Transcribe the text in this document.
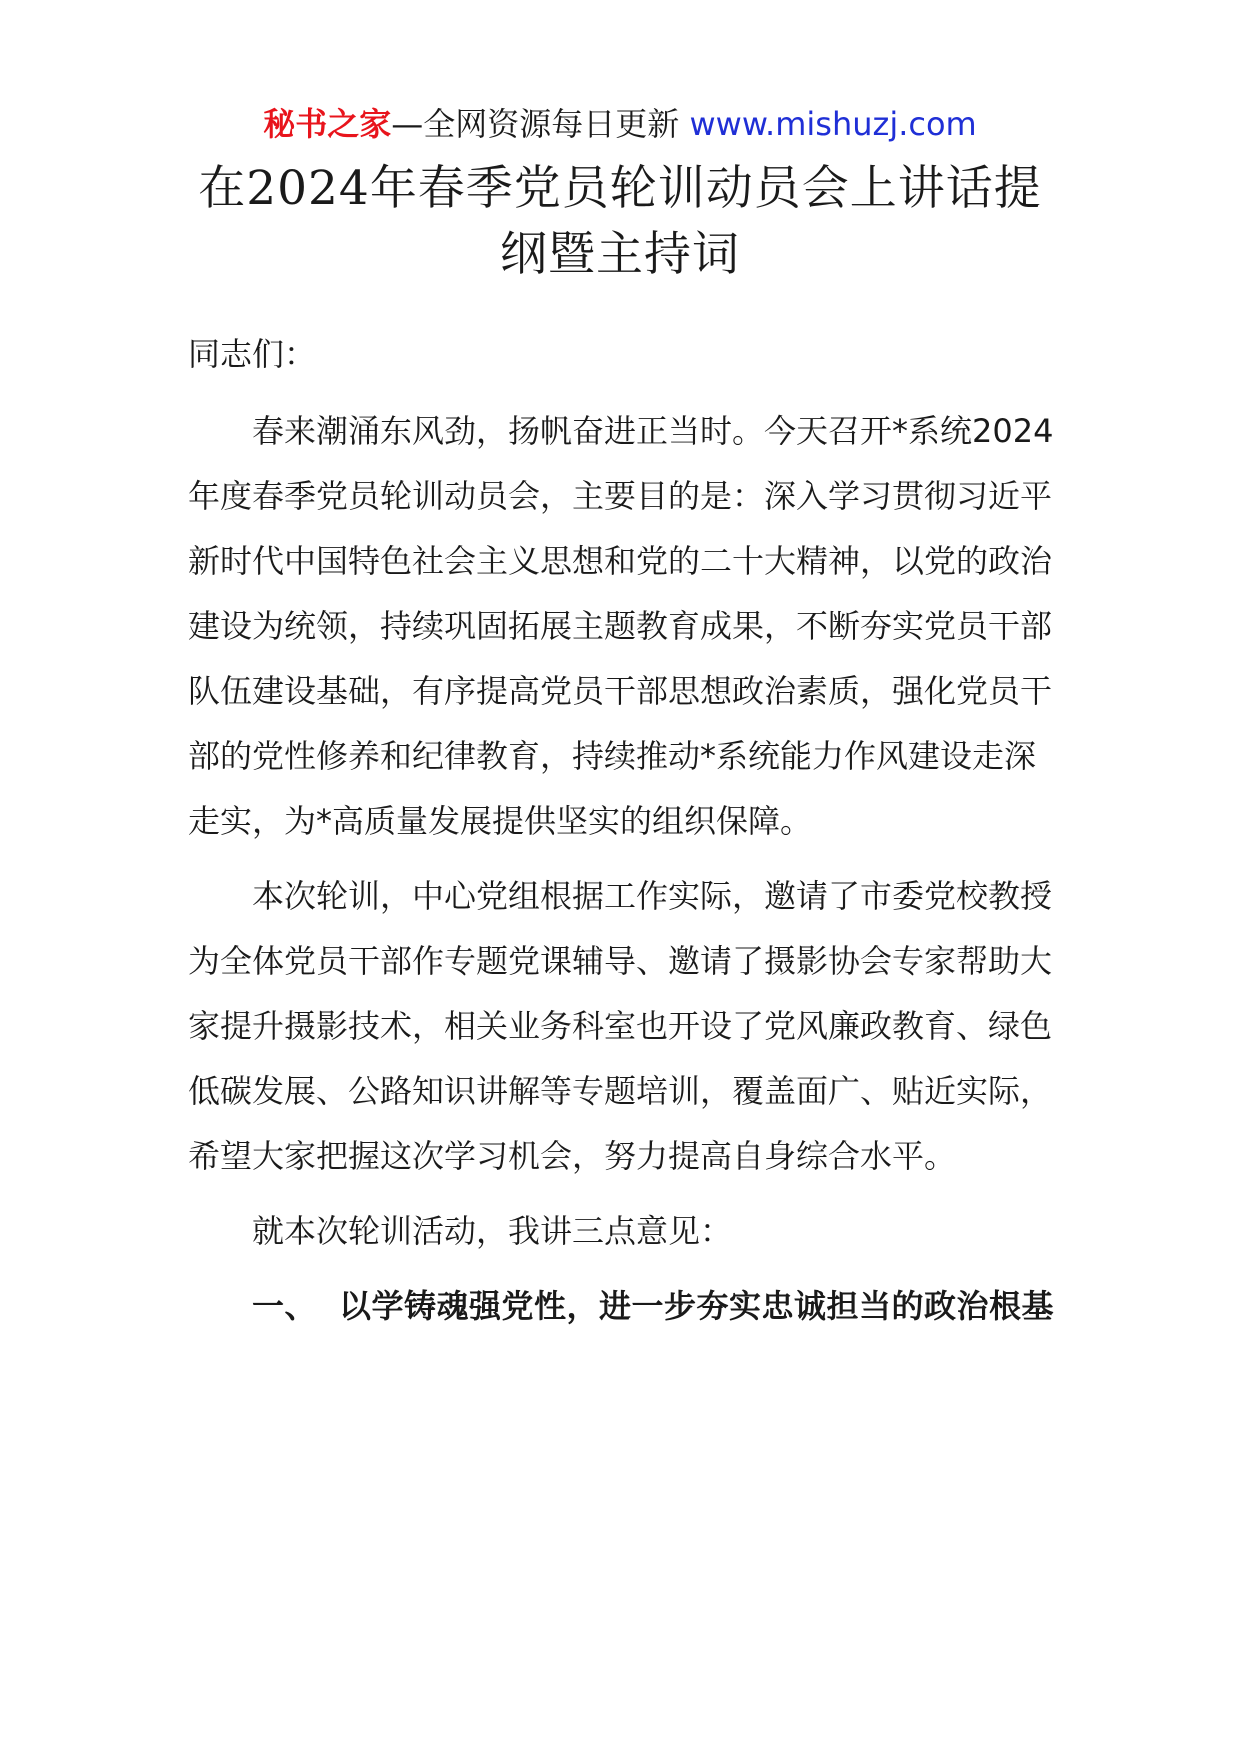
秘书之家—全网资源每日更新 www.mishuzj.com
在2024年春季党员轮训动员会上讲话提纲暨主持词

同志们：

春来潮涌东风劲，扬帆奋进正当时。今天召开*系统2024年度春季党员轮训动员会，主要目的是：深入学习贯彻习近平新时代中国特色社会主义思想和党的二十大精神，以党的政治建设为统领，持续巩固拓展主题教育成果，不断夯实党员干部队伍建设基础，有序提高党员干部思想政治素质，强化党员干部的党性修养和纪律教育，持续推动*系统能力作风建设走深走实，为*高质量发展提供坚实的组织保障。

本次轮训，中心党组根据工作实际，邀请了市委党校教授为全体党员干部作专题党课辅导、邀请了摄影协会专家帮助大家提升摄影技术，相关业务科室也开设了党风廉政教育、绿色低碳发展、公路知识讲解等专题培训，覆盖面广、贴近实际，希望大家把握这次学习机会，努力提高自身综合水平。

就本次轮训活动，我讲三点意见：

一、 以学铸魂强党性，进一步夯实忠诚担当的政治根基
